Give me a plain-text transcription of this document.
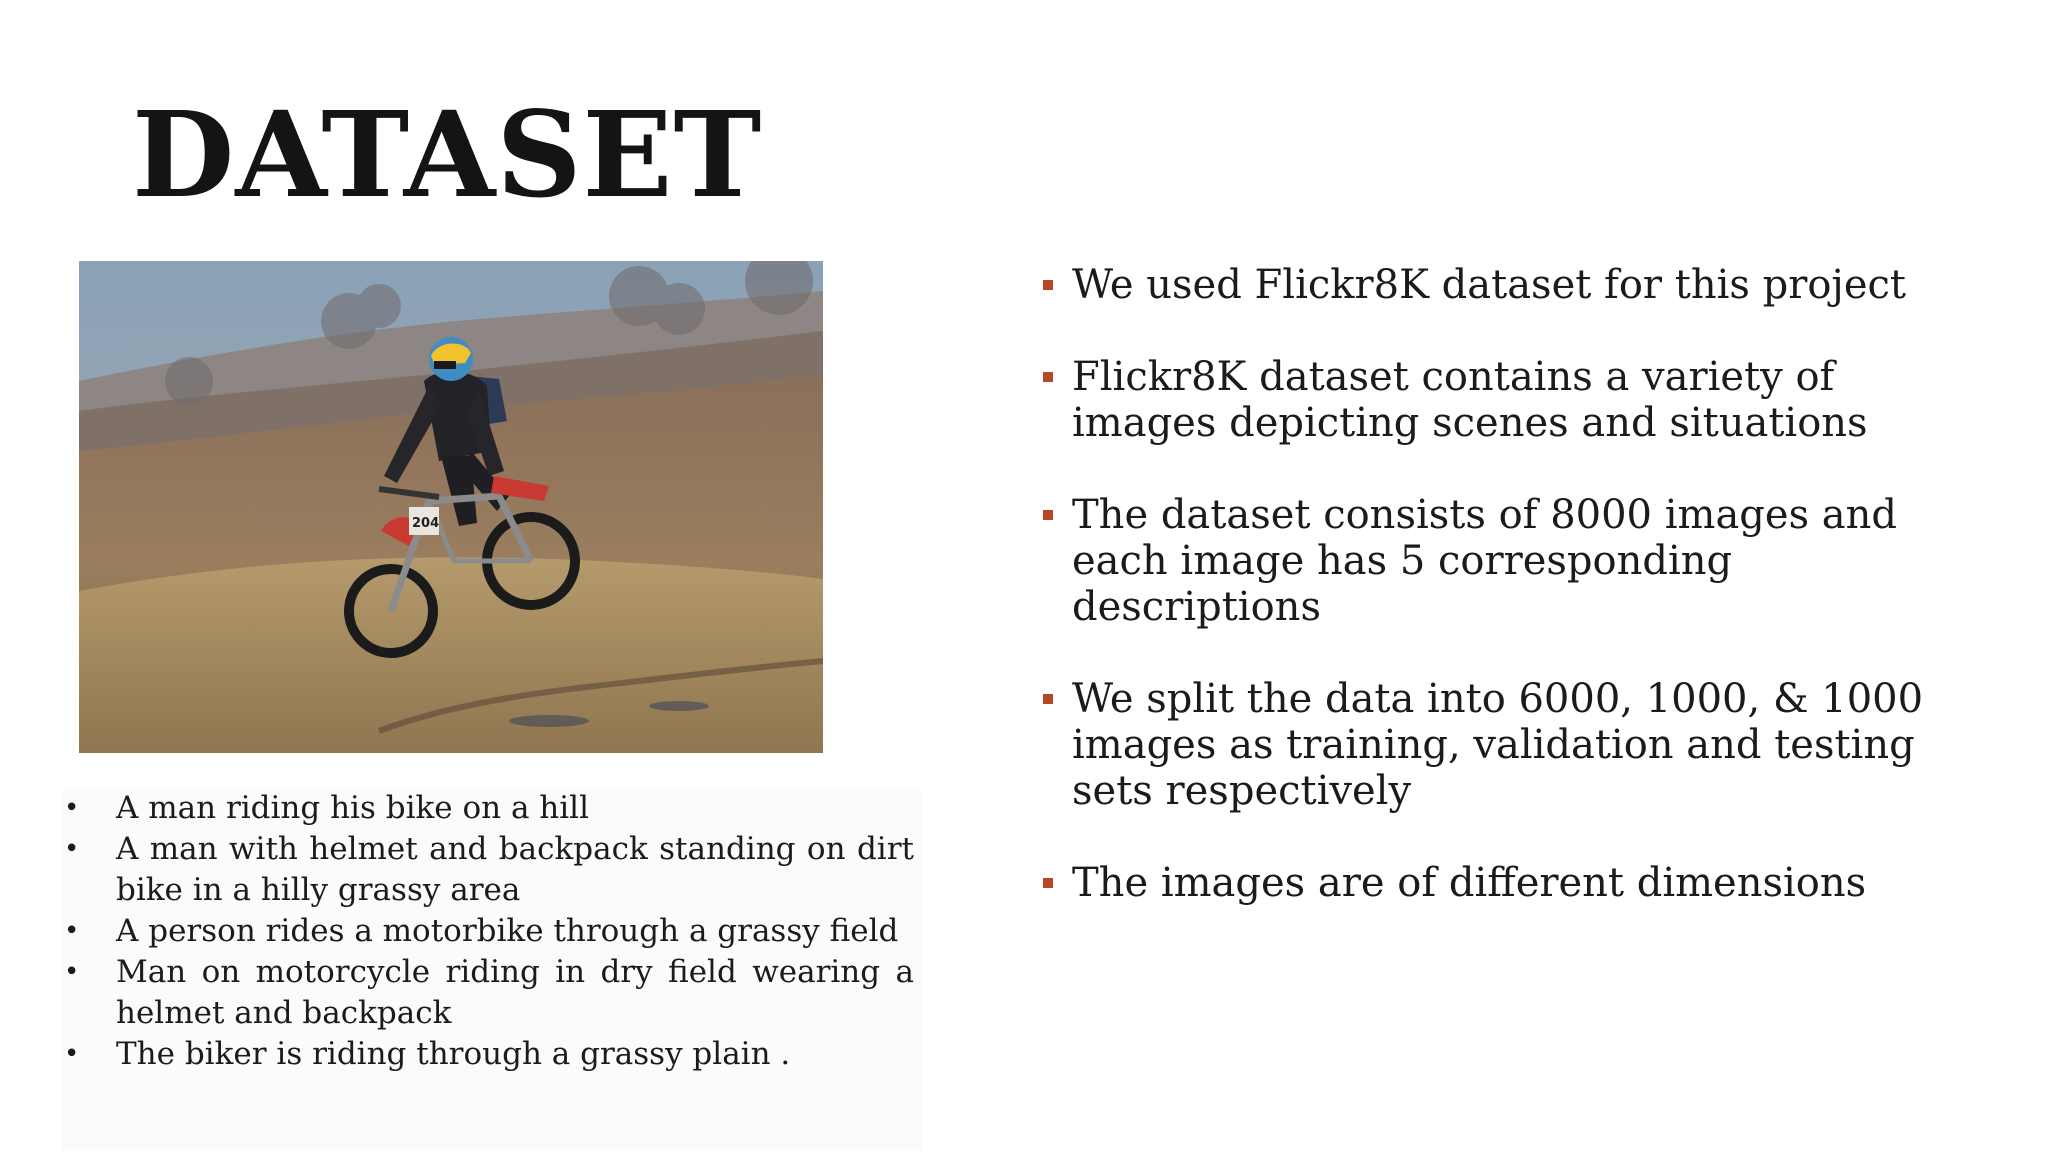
DATASET
204
• A man riding his bike on a hill
• A man with helmet and backpack standing on dirt bike in a hilly grassy area
• A person rides a motorbike through a grassy field
• Man on motorcycle riding in dry field wearing a helmet and backpack
• The biker is riding through a grassy plain .
We used Flickr8K dataset for this project
Flickr8K dataset contains a variety of images depicting scenes and situations
The dataset consists of 8000 images and each image has 5 corresponding descriptions
We split the data into 6000, 1000, & 1000 images as training, validation and testing sets respectively
The images are of different dimensions
